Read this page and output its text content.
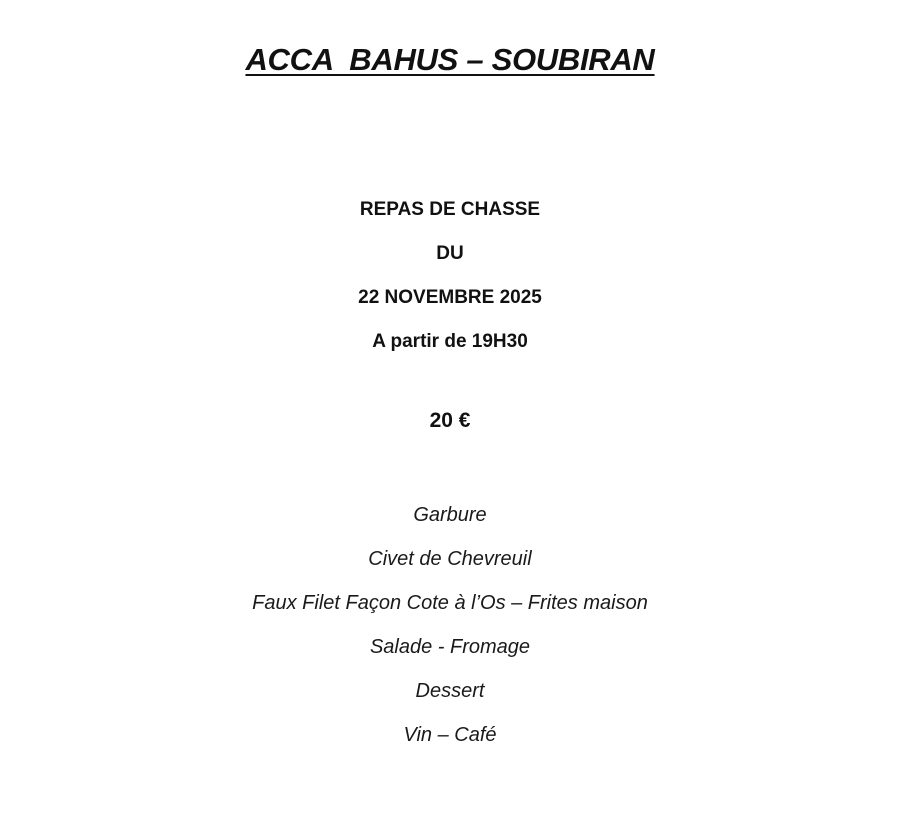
ACCA  BAHUS – SOUBIRAN
REPAS DE CHASSE
DU
22 NOVEMBRE 2025
A partir de 19H30
20 €
Garbure
Civet de Chevreuil
Faux Filet Façon Cote à l’Os – Frites maison
Salade - Fromage
Dessert
Vin – Café
